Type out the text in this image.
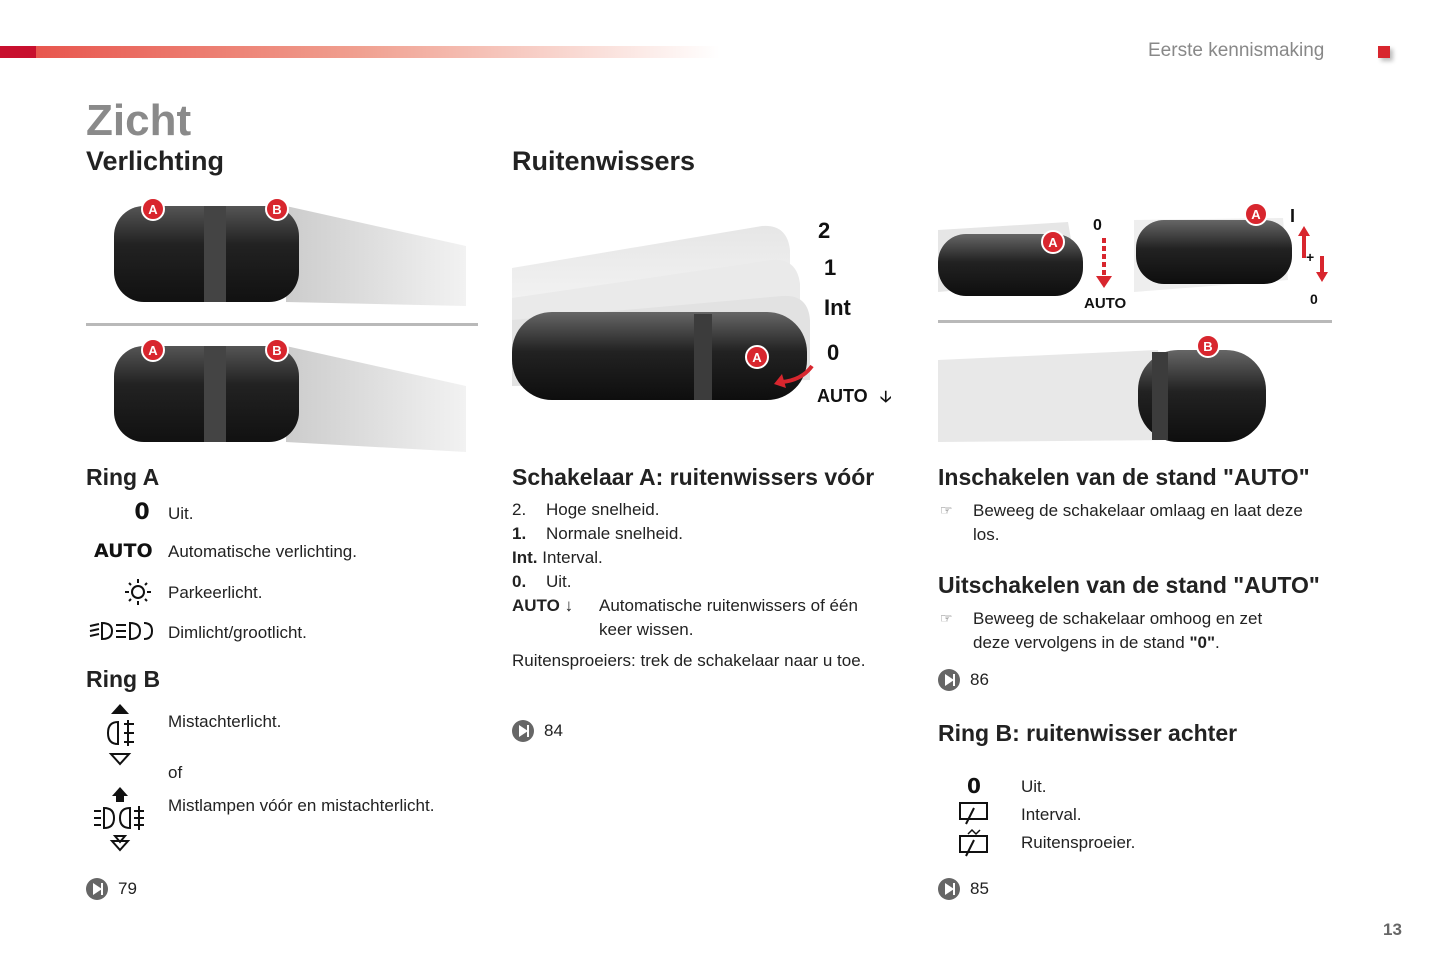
Eerste kennismaking
Zicht
Verlichting
A	B
A	B
Ring A
0	Uit.
AUTO Automatische verlichting.
Parkeerlicht.
Dimlicht/grootlicht.
Ring B
Mistachterlicht.
of
Mistlampen vóór en mistachterlicht.
79
Ruitenwissers
A
2
1
Int
0
AUTO 🡣
Schakelaar A: ruitenwissers vóór
2. Hoge snelheid.
1. Normale snelheid.
Int. Interval.
0. Uit.
AUTO ↓ Automatische ruitenwissers of één
keer wissen.
Ruitensproeiers: trek de schakelaar naar u toe.
84
A
0
AUTO
A I
+
0
B
Inschakelen van de stand "AUTO"
☞ Beweeg de schakelaar omlaag en laat deze
los.
Uitschakelen van de stand "AUTO"
☞ Beweeg de schakelaar omhoog en zet
deze vervolgens in de stand "0".
86
Ring B: ruitenwisser achter
0	Uit.
Interval.
Ruitensproeier.
85
13
